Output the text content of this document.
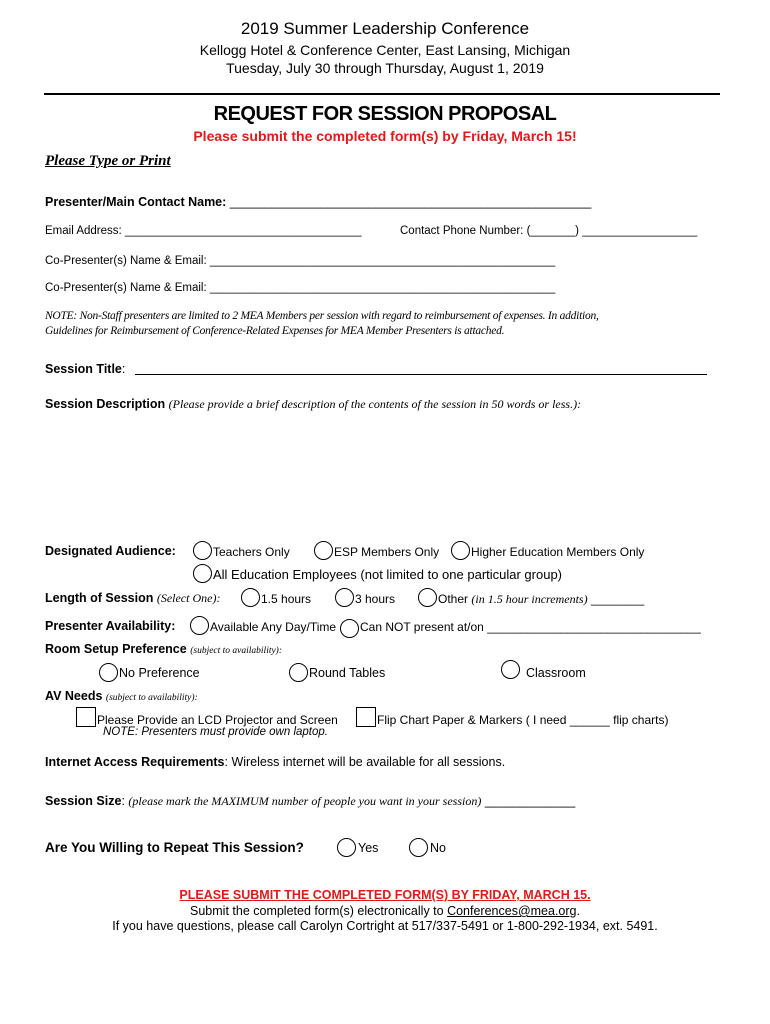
2019 Summer Leadership Conference
Kellogg Hotel & Conference Center, East Lansing, Michigan
Tuesday, July 30 through Thursday, August 1, 2019
REQUEST FOR SESSION PROPOSAL
Please submit the completed form(s) by Friday, March 15!
Please Type or Print
Presenter/Main Contact Name: ____________________________________________________
Email Address: _____________________________________	Contact Phone Number: (_______) __________________
Co-Presenter(s) Name & Email: ______________________________________________________
Co-Presenter(s) Name & Email: ______________________________________________________
NOTE: Non-Staff presenters are limited to 2 MEA Members per session with regard to reimbursement of expenses. In addition,
Guidelines for Reimbursement of Conference-Related Expenses for MEA Member Presenters is attached.
Session Title:
Session Description (Please provide a brief description of the contents of the session in 50 words or less.):
Designated Audience:	Teachers Only	ESP Members Only	Higher Education Members Only
All Education Employees (not limited to one particular group)
Length of Session (Select One):	1.5 hours	3 hours	Other (in 1.5 hour increments) ________
Presenter Availability:	Available Any Day/Time Can NOT present at/on ________________________________
Room Setup Preference (subject to availability):
No Preference	Round Tables	Classroom
AV Needs (subject to availability):
Please Provide an LCD Projector and Screen
NOTE: Presenters must provide own laptop.
Flip Chart Paper & Markers ( I need ______ flip charts)
Internet Access Requirements: Wireless internet will be available for all sessions.
Session Size: (please mark the MAXIMUM number of people you want in your session) _____________
Are You Willing to Repeat This Session?	Yes	No
PLEASE SUBMIT THE COMPLETED FORM(S) BY FRIDAY, MARCH 15.
Submit the completed form(s) electronically to Conferences@mea.org.
If you have questions, please call Carolyn Cortright at 517/337-5491 or 1-800-292-1934, ext. 5491.
